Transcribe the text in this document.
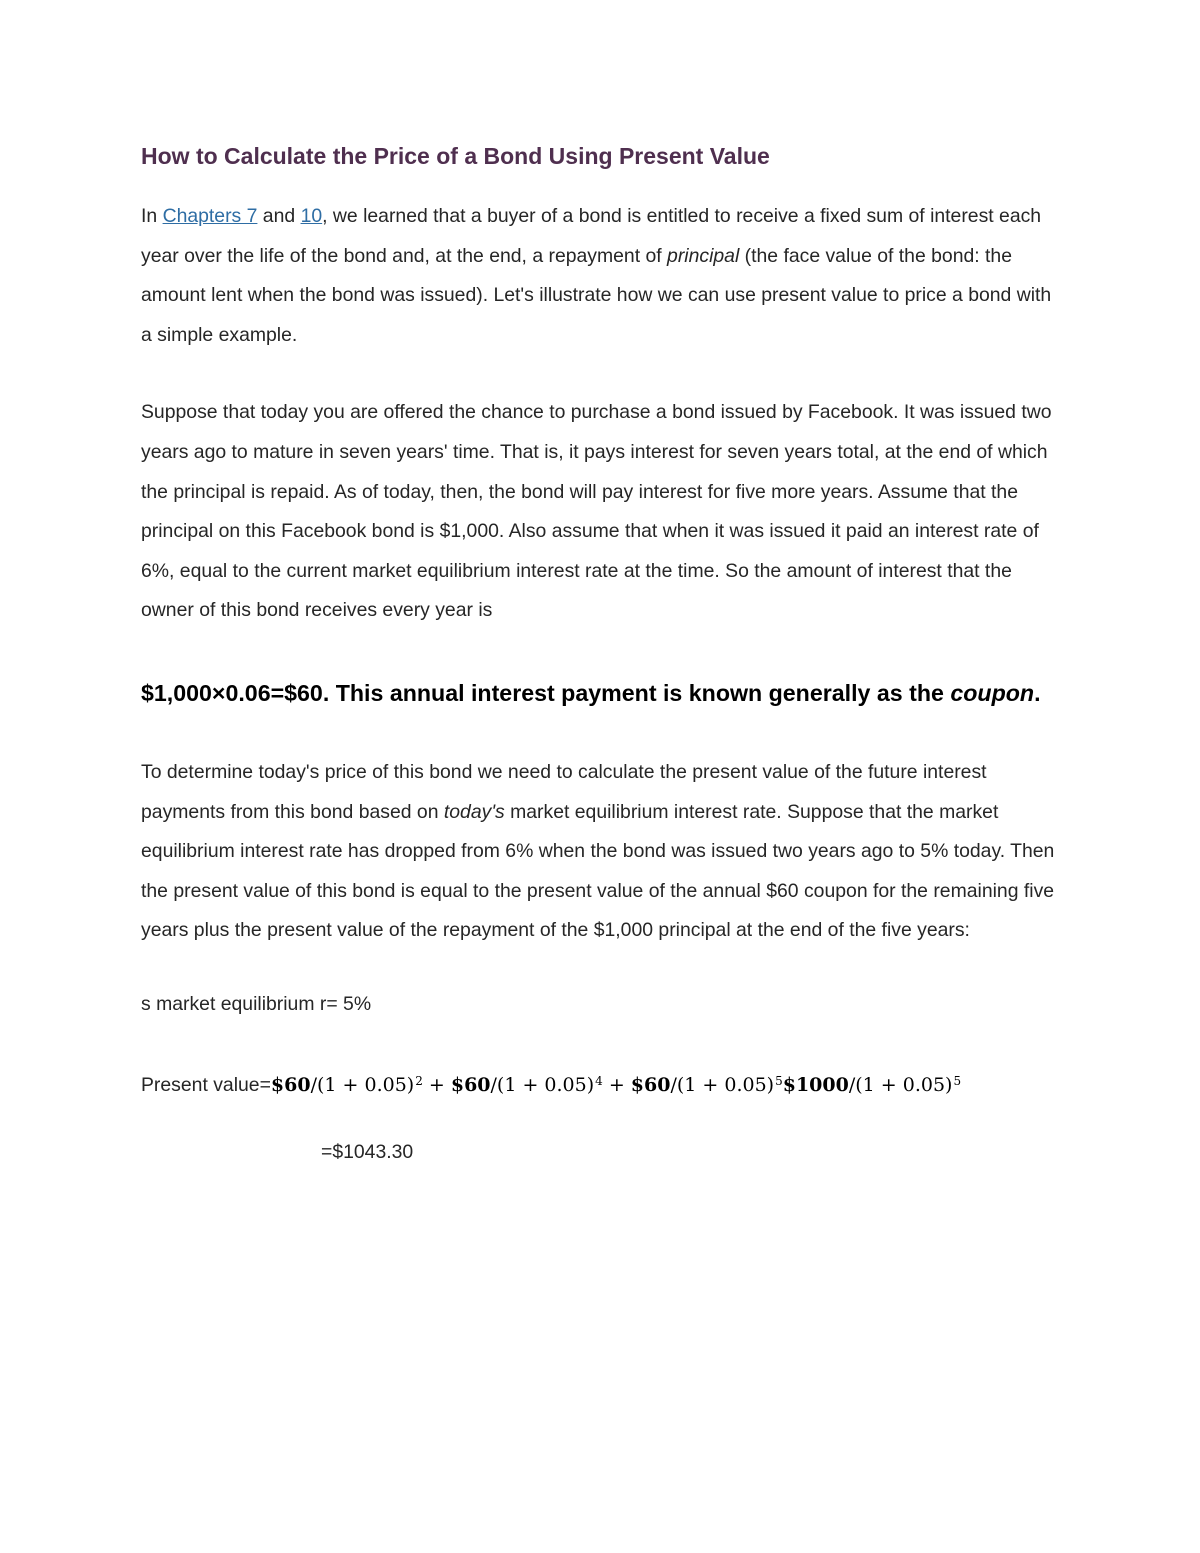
How to Calculate the Price of a Bond Using Present Value

In Chapters 7 and 10, we learned that a buyer of a bond is entitled to receive a fixed sum of interest each year over the life of the bond and, at the end, a repayment of principal (the face value of the bond: the amount lent when the bond was issued). Let's illustrate how we can use present value to price a bond with a simple example.

Suppose that today you are offered the chance to purchase a bond issued by Facebook. It was issued two years ago to mature in seven years' time. That is, it pays interest for seven years total, at the end of which the principal is repaid. As of today, then, the bond will pay interest for five more years. Assume that the principal on this Facebook bond is $1,000. Also assume that when it was issued it paid an interest rate of 6%, equal to the current market equilibrium interest rate at the time. So the amount of interest that the owner of this bond receives every year is

$1,000×0.06=$60. This annual interest payment is known generally as the coupon.

To determine today's price of this bond we need to calculate the present value of the future interest payments from this bond based on today's market equilibrium interest rate. Suppose that the market equilibrium interest rate has dropped from 6% when the bond was issued two years ago to 5% today. Then the present value of this bond is equal to the present value of the annual $60 coupon for the remaining five years plus the present value of the repayment of the $1,000 principal at the end of the five years:

s market equilibrium r= 5%

Present value=$60/(1 + 0.05)$^2$ + $60/(1 + 0.05)$^4$ + $60/(1 + 0.05)$^5$\$1000/(1 + 0.05)$^5$

=$1043.30
